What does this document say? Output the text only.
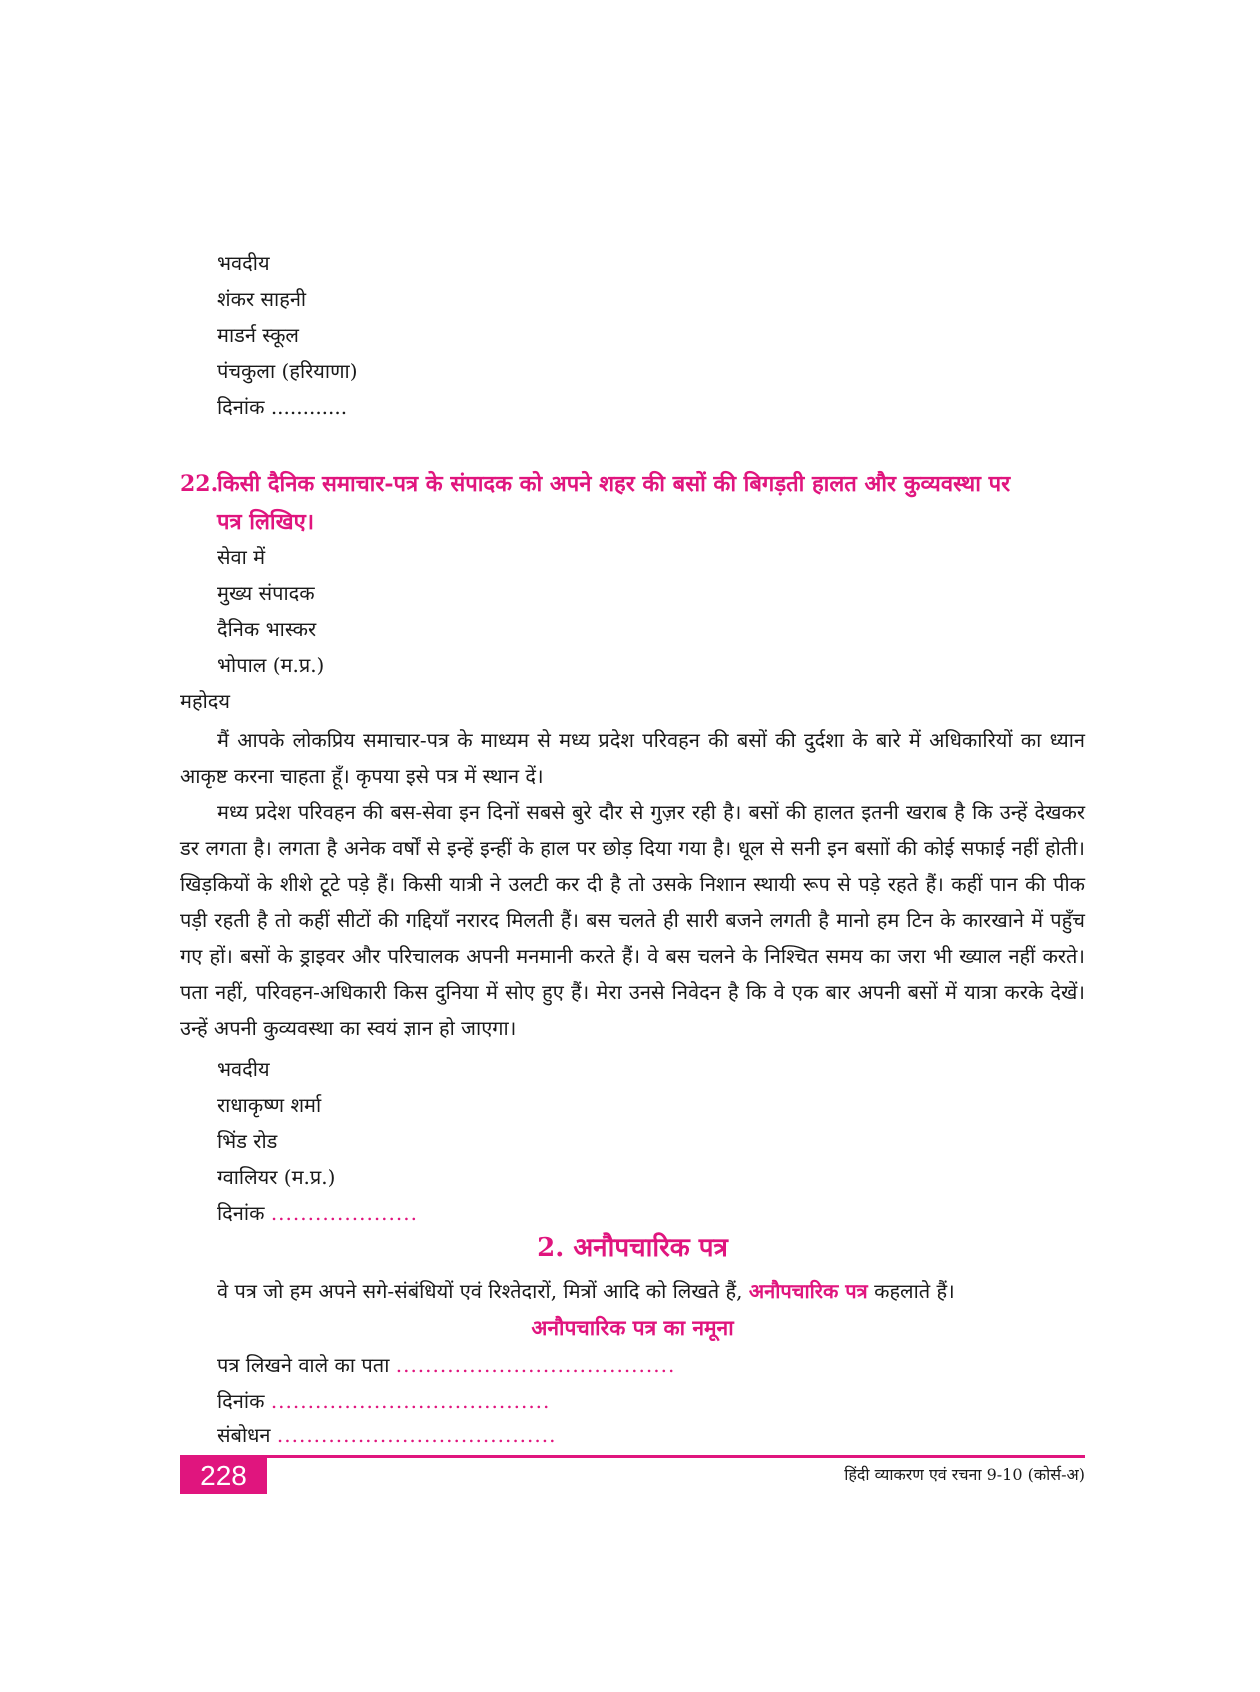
भवदीय
शंकर साहनी
माडर्न स्कूल
पंचकुला (हरियाणा)
दिनांक ............
22.
किसी दैनिक समाचार-पत्र के संपादक को अपने शहर की बसों की बिगड़ती हालत और कुव्यवस्था पर
पत्र लिखिए।
सेवा में
मुख्य संपादक
दैनिक भास्कर
भोपाल (म.प्र.)
महोदय

मैं आपके लोकप्रिय समाचार-पत्र के माध्यम से मध्य प्रदेश परिवहन की बसों की दुर्दशा के बारे में अधिकारियों का ध्यान आकृष्ट करना चाहता हूँ। कृपया इसे पत्र में स्थान दें।

मध्य प्रदेश परिवहन की बस-सेवा इन दिनों सबसे बुरे दौर से गुज़र रही है। बसों की हालत इतनी खराब है कि उन्हें देखकर डर लगता है। लगता है अनेक वर्षों से इन्हें इन्हीं के हाल पर छोड़ दिया गया है। धूल से सनी इन बसाों की कोई सफाई नहीं होती। खिड़कियों के शीशे टूटे पड़े हैं। किसी यात्री ने उलटी कर दी है तो उसके निशान स्थायी रूप से पड़े रहते हैं। कहीं पान की पीक पड़ी रहती है तो कहीं सीटों की गद्दियाँ नरारद मिलती हैं। बस चलते ही सारी बजने लगती है मानो हम टिन के कारखाने में पहुँच गए हों। बसों के ड्राइवर और परिचालक अपनी मनमानी करते हैं। वे बस चलने के निश्चित समय का जरा भी ख्याल नहीं करते। पता नहीं, परिवहन-अधिकारी किस दुनिया में सोए हुए हैं। मेरा उनसे निवेदन है कि वे एक बार अपनी बसों में यात्रा करके देखें। उन्हें अपनी कुव्यवस्था का स्वयं ज्ञान हो जाएगा।

भवदीय
राधाकृष्ण शर्मा
भिंड रोड
ग्वालियर (म.प्र.)
दिनांक ....................
2. अनौपचारिक पत्र
वे पत्र जो हम अपने सगे-संबंधियों एवं रिश्तेदारों, मित्रों आदि को लिखते हैं, अनौपचारिक पत्र कहलाते हैं।
अनौपचारिक पत्र का नमूना
पत्र लिखने वाले का पता ......................................
दिनांक ......................................
संबोधन ......................................
228	हिंदी व्याकरण एवं रचना 9-10 (कोर्स-अ)
